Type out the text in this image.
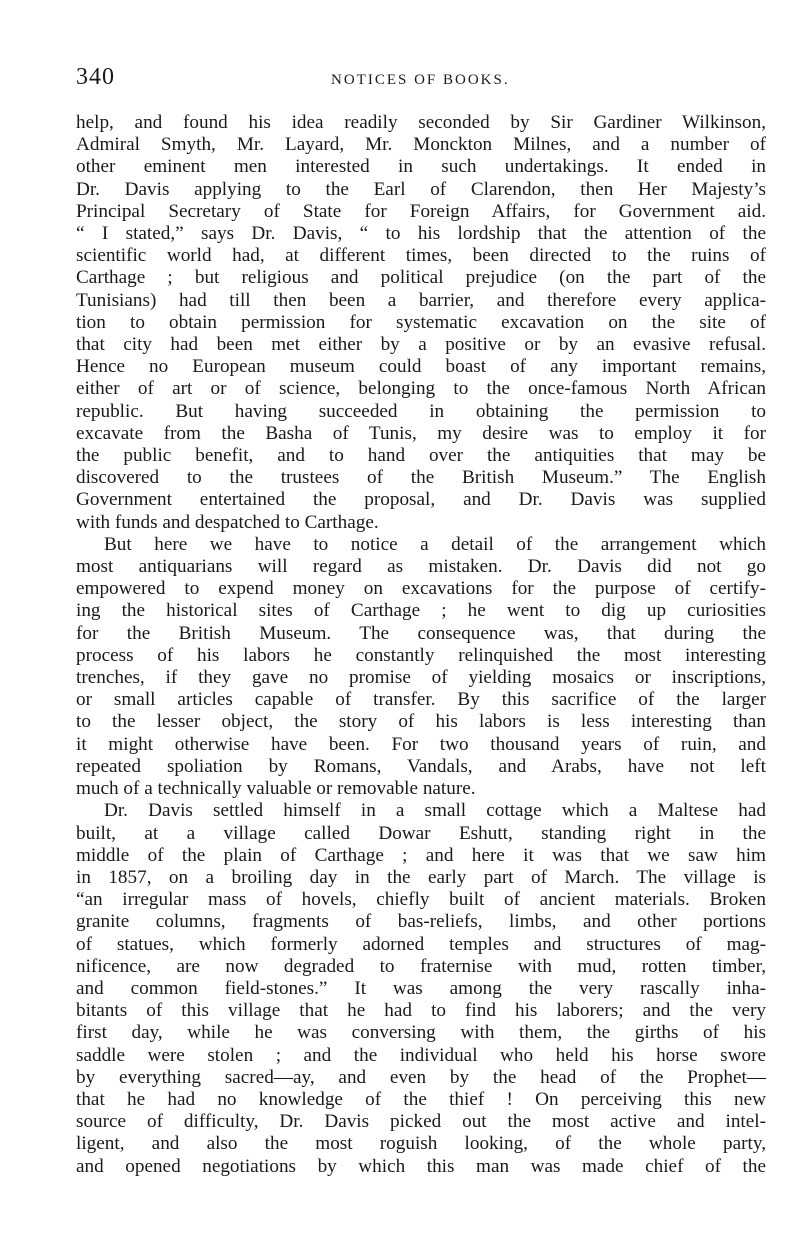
340	NOTICES OF BOOKS.
help, and found his idea readily seconded by Sir Gardiner Wilkinson,
Admiral Smyth, Mr. Layard, Mr. Monckton Milnes, and a number of
other eminent men interested in such undertakings. It ended in
Dr. Davis applying to the Earl of Clarendon, then Her Majesty’s
Principal Secretary of State for Foreign Affairs, for Government aid.
“ I stated,” says Dr. Davis, “ to his lordship that the attention of the
scientific world had, at different times, been directed to the ruins of
Carthage ; but religious and political prejudice (on the part of the
Tunisians) had till then been a barrier, and therefore every applica-
tion to obtain permission for systematic excavation on the site of
that city had been met either by a positive or by an evasive refusal.
Hence no European museum could boast of any important remains,
either of art or of science, belonging to the once-famous North African
republic. But having succeeded in obtaining the permission to
excavate from the Basha of Tunis, my desire was to employ it for
the public benefit, and to hand over the antiquities that may be
discovered to the trustees of the British Museum.” The English
Government entertained the proposal, and Dr. Davis was supplied
with funds and despatched to Carthage.
But here we have to notice a detail of the arrangement which
most antiquarians will regard as mistaken. Dr. Davis did not go
empowered to expend money on excavations for the purpose of certify-
ing the historical sites of Carthage ; he went to dig up curiosities
for the British Museum. The consequence was, that during the
process of his labors he constantly relinquished the most interesting
trenches, if they gave no promise of yielding mosaics or inscriptions,
or small articles capable of transfer. By this sacrifice of the larger
to the lesser object, the story of his labors is less interesting than
it might otherwise have been. For two thousand years of ruin, and
repeated spoliation by Romans, Vandals, and Arabs, have not left
much of a technically valuable or removable nature.
Dr. Davis settled himself in a small cottage which a Maltese had
built, at a village called Dowar Eshutt, standing right in the
middle of the plain of Carthage ; and here it was that we saw him
in 1857, on a broiling day in the early part of March. The village is
“an irregular mass of hovels, chiefly built of ancient materials. Broken
granite columns, fragments of bas-reliefs, limbs, and other portions
of statues, which formerly adorned temples and structures of mag-
nificence, are now degraded to fraternise with mud, rotten timber,
and common field-stones.” It was among the very rascally inha-
bitants of this village that he had to find his laborers; and the very
first day, while he was conversing with them, the girths of his
saddle were stolen ; and the individual who held his horse swore
by everything sacred—ay, and even by the head of the Prophet—
that he had no knowledge of the thief ! On perceiving this new
source of difficulty, Dr. Davis picked out the most active and intel-
ligent, and also the most roguish looking, of the whole party,
and opened negotiations by which this man was made chief of the
